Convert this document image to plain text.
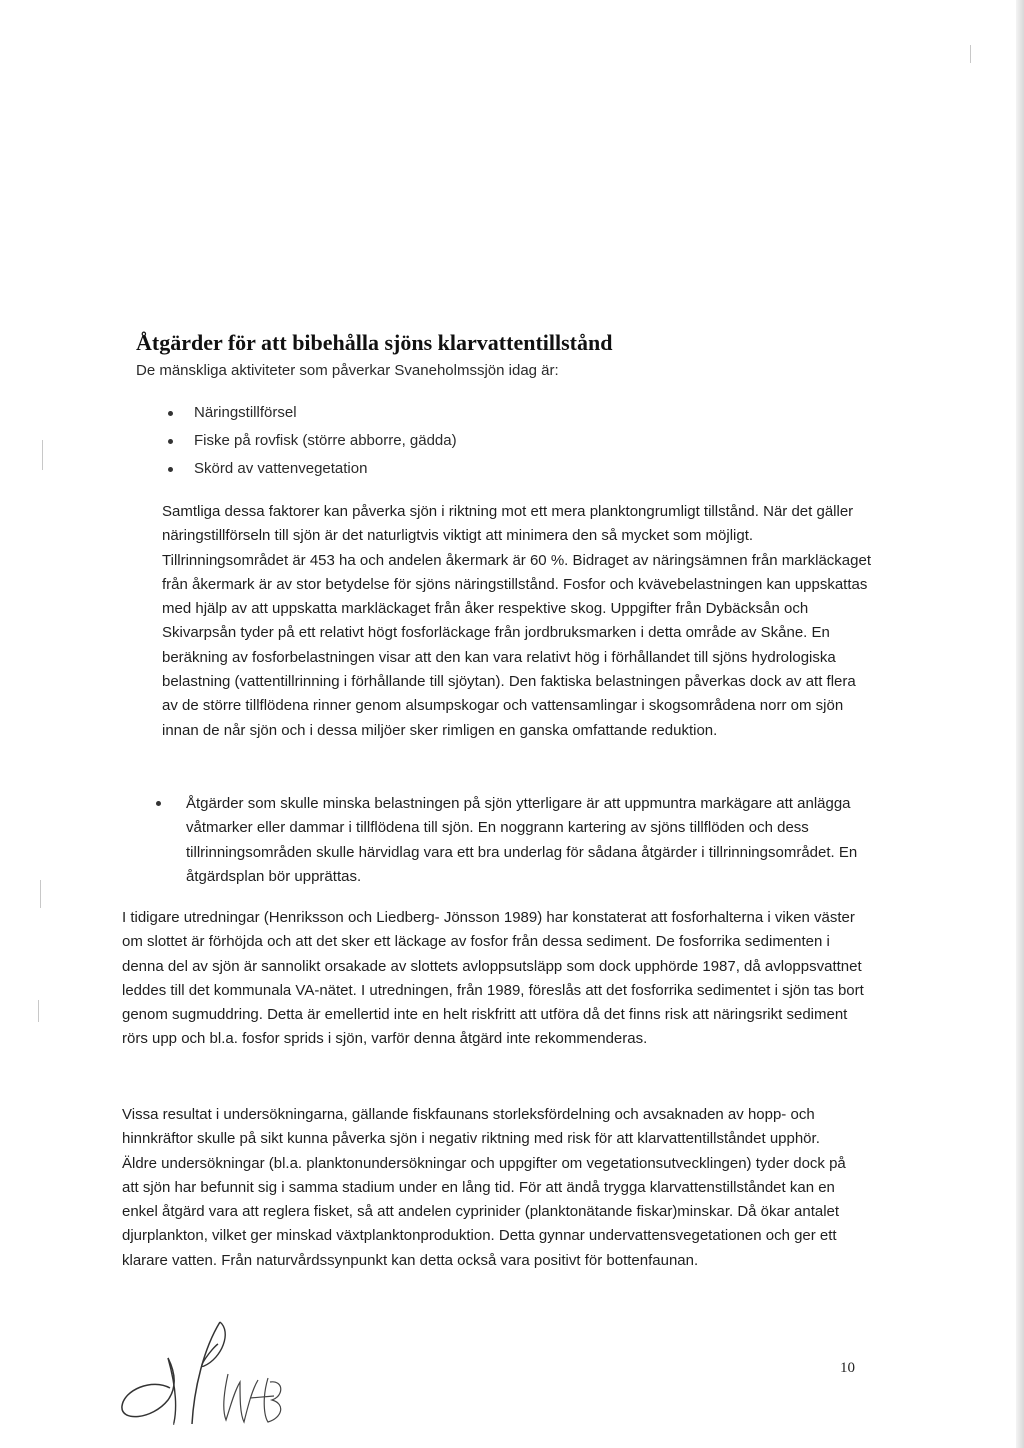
Åtgärder för att bibehålla sjöns klarvattentillstånd

De mänskliga aktiviteter som påverkar Svaneholmssjön idag är:

Näringstillförsel
Fiske på rovfisk (större abborre, gädda)
Skörd av vattenvegetation

Samtliga dessa faktorer kan påverka sjön i riktning mot ett mera planktongrumligt tillstånd. När det gäller näringstillförseln till sjön är det naturligtvis viktigt att minimera den så mycket som möjligt. Tillrinningsområdet är 453 ha och andelen åkermark är 60 %. Bidraget av näringsämnen från markläckaget från åkermark är av stor betydelse för sjöns näringstillstånd. Fosfor och kvävebelastningen kan uppskattas med hjälp av att uppskatta markläckaget från åker respektive skog. Uppgifter från Dybäcksån och Skivarpsån tyder på ett relativt högt fosforläckage från jordbruksmarken i detta område av Skåne. En beräkning av fosforbelastningen visar att den kan vara relativt hög i förhållandet till sjöns hydrologiska belastning (vattentillrinning i förhållande till sjöytan). Den faktiska belastningen påverkas dock av att flera av de större tillflödena rinner genom alsumpskogar och vattensamlingar i skogsområdena norr om sjön innan de når sjön och i dessa miljöer sker rimligen en ganska omfattande reduktion.

Åtgärder som skulle minska belastningen på sjön ytterligare är att uppmuntra markägare att anlägga våtmarker eller dammar i tillflödena till sjön. En noggrann kartering av sjöns tillflöden och dess tillrinningsområden skulle härvidlag vara ett bra underlag för sådana åtgärder i tillrinningsområdet. En åtgärdsplan bör upprättas.

I tidigare utredningar (Henriksson och Liedberg- Jönsson 1989) har konstaterat att fosforhalterna i viken väster om slottet är förhöjda och att det sker ett läckage av fosfor från dessa sediment. De fosforrika sedimenten i denna del av sjön är sannolikt orsakade av slottets avloppsutsläpp som dock upphörde 1987, då avloppsvattnet leddes till det kommunala VA-nätet. I utredningen, från 1989, föreslås att det fosforrika sedimentet i sjön tas bort genom sugmuddring. Detta är emellertid inte en helt riskfritt att utföra då det finns risk att näringsrikt sediment rörs upp och bl.a. fosfor sprids i sjön, varför denna åtgärd inte rekommenderas.

Vissa resultat i undersökningarna, gällande fiskfaunans storleksfördelning och avsaknaden av hopp- och hinnkräftor skulle på sikt kunna påverka sjön i negativ riktning med risk för att klarvattentillståndet upphör. Äldre undersökningar (bl.a. planktonundersökningar och uppgifter om vegetationsutvecklingen) tyder dock på att sjön har befunnit sig i samma stadium under en lång tid. För att ändå trygga klarvattenstillståndet kan en enkel åtgärd vara att reglera fisket, så att andelen cyprinider (planktonätande fiskar)minskar. Då ökar antalet djurplankton, vilket ger minskad växtplanktonproduktion. Detta gynnar undervattensvegetationen och ger ett klarare vatten. Från naturvårdssynpunkt kan detta också vara positivt för bottenfaunan.

10
